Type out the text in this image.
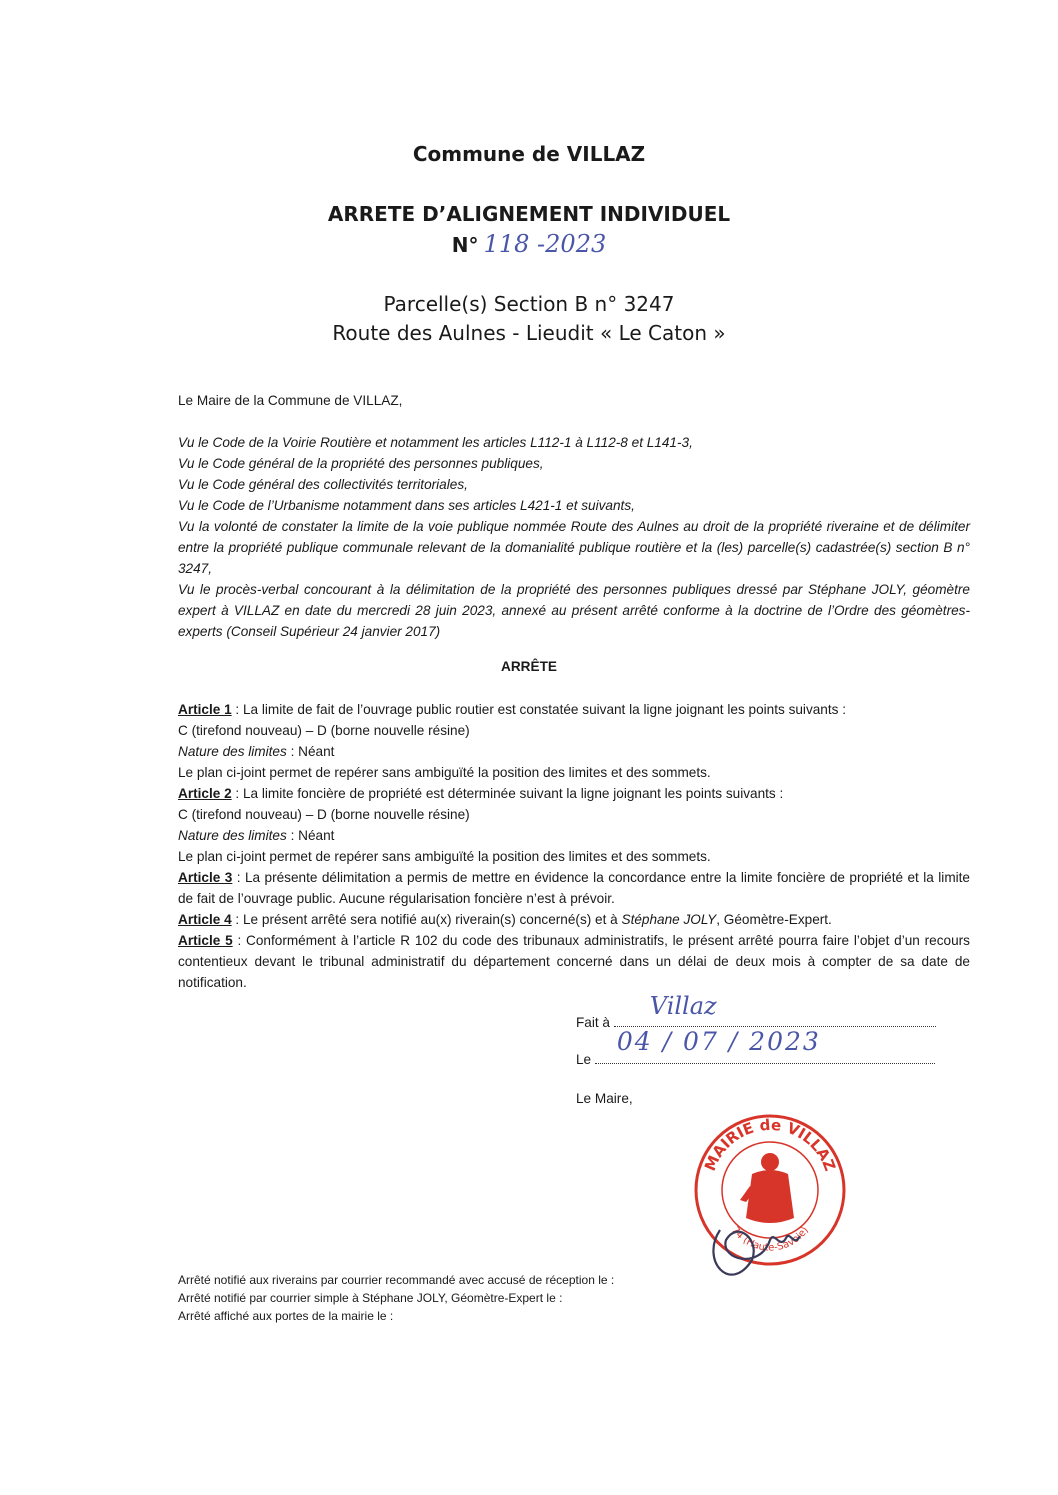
Commune de VILLAZ
ARRETE D’ALIGNEMENT INDIVIDUEL
N° 118 -2023
Parcelle(s) Section B n° 3247
Route des Aulnes - Lieudit « Le Caton »
Le Maire de la Commune de VILLAZ,
Vu le Code de la Voirie Routière et notamment les articles L112-1 à L112-8 et L141-3,
Vu le Code général de la propriété des personnes publiques,
Vu le Code général des collectivités territoriales,
Vu le Code de l’Urbanisme notamment dans ses articles L421-1 et suivants,
Vu la volonté de constater la limite de la voie publique nommée Route des Aulnes au droit de la propriété riveraine et de délimiter entre la propriété publique communale relevant de la domanialité publique routière et la (les) parcelle(s) cadastrée(s) section B n° 3247,
Vu le procès-verbal concourant à la délimitation de la propriété des personnes publiques dressé par Stéphane JOLY, géomètre expert à VILLAZ en date du mercredi 28 juin 2023, annexé au présent arrêté conforme à la doctrine de l’Ordre des géomètres-experts (Conseil Supérieur 24 janvier 2017)
ARRÊTE
Article 1 : La limite de fait de l’ouvrage public routier est constatée suivant la ligne joignant les points suivants :
C (tirefond nouveau) – D (borne nouvelle résine)
Nature des limites : Néant
Le plan ci-joint permet de repérer sans ambiguïté la position des limites et des sommets.
Article 2 : La limite foncière de propriété est déterminée suivant la ligne joignant les points suivants :
C (tirefond nouveau) – D (borne nouvelle résine)
Nature des limites : Néant
Le plan ci-joint permet de repérer sans ambiguïté la position des limites et des sommets.
Article 3 : La présente délimitation a permis de mettre en évidence la concordance entre la limite foncière de propriété et la limite de fait de l’ouvrage public. Aucune régularisation foncière n’est à prévoir.
Article 4 : Le présent arrêté sera notifié au(x) riverain(s) concerné(s) et à Stéphane JOLY, Géomètre-Expert.
Article 5 : Conformément à l’article R 102 du code des tribunaux administratifs, le présent arrêté pourra faire l’objet d’un recours contentieux devant le tribunal administratif du département concerné dans un délai de deux mois à compter de sa date de notification.
Fait à
Villaz
Le
04 / 07 / 2023
Le Maire,
MAIRIE de VILLAZ
74 (Haute-Savoie)
Arrêté notifié aux riverains par courrier recommandé avec accusé de réception le :
Arrêté notifié par courrier simple à Stéphane JOLY, Géomètre-Expert le :
Arrêté affiché aux portes de la mairie le :
